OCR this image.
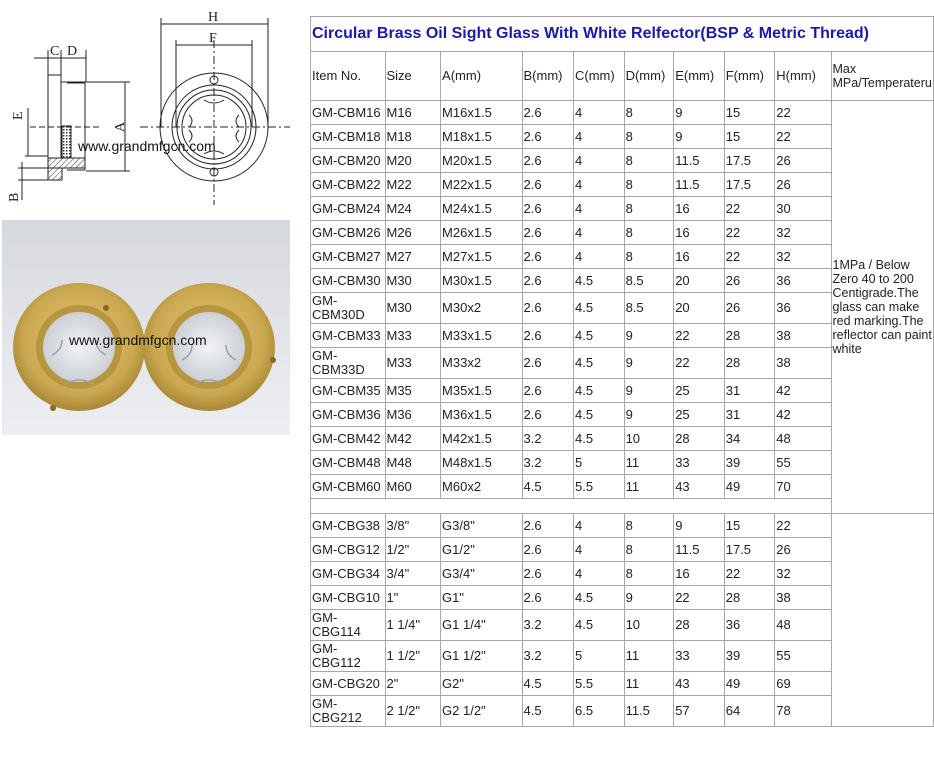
H
F
C D
E
A
B
www.grandmfgcn.com
www.grandmfgcn.com
Circular Brass Oil Sight Glass With White Relfector(BSP & Metric Thread)									
Item No.	Size	A(mm)	B(mm)	C(mm)	D(mm)	E(mm)	F(mm)	H(mm)	Max MPa/Temperateru
GM-CBM16	M16	M16x1.5	2.6	4	8	9	15	22	1MPa / Below Zero 40 to 200 Centigrade.The glass can make red marking.The reflector can paint white
GM-CBM18	M18	M18x1.5	2.6	4	8	9	15	22	
GM-CBM20	M20	M20x1.5	2.6	4	8	11.5	17.5	26	
GM-CBM22	M22	M22x1.5	2.6	4	8	11.5	17.5	26	
GM-CBM24	M24	M24x1.5	2.6	4	8	16	22	30	
GM-CBM26	M26	M26x1.5	2.6	4	8	16	22	32	
GM-CBM27	M27	M27x1.5	2.6	4	8	16	22	32	
GM-CBM30	M30	M30x1.5	2.6	4.5	8.5	20	26	36	
GM-
CBM30D	M30	M30x2	2.6	4.5	8.5	20	26	36	
GM-CBM33	M33	M33x1.5	2.6	4.5	9	22	28	38	
GM-
CBM33D	M33	M33x2	2.6	4.5	9	22	28	38	
GM-CBM35	M35	M35x1.5	2.6	4.5	9	25	31	42	
GM-CBM36	M36	M36x1.5	2.6	4.5	9	25	31	42	
GM-CBM42	M42	M42x1.5	3.2	4.5	10	28	34	48	
GM-CBM48	M48	M48x1.5	3.2	5	11	33	39	55	
GM-CBM60	M60	M60x2	4.5	5.5	11	43	49	70	

GM-CBG38	3/8"	G3/8"	2.6	4	8	9	15	22	
GM-CBG12	1/2"	G1/2"	2.6	4	8	11.5	17.5	26	
GM-CBG34	3/4"	G3/4"	2.6	4	8	16	22	32	
GM-CBG10	1"	G1"	2.6	4.5	9	22	28	38	
GM-
CBG114	1 1/4"	G1 1/4"	3.2	4.5	10	28	36	48	
GM-
CBG112	1 1/2"	G1 1/2"	3.2	5	11	33	39	55	
GM-CBG20	2"	G2"	4.5	5.5	11	43	49	69	
GM-
CBG212	2 1/2"	G2 1/2"	4.5	6.5	11.5	57	64	78	
